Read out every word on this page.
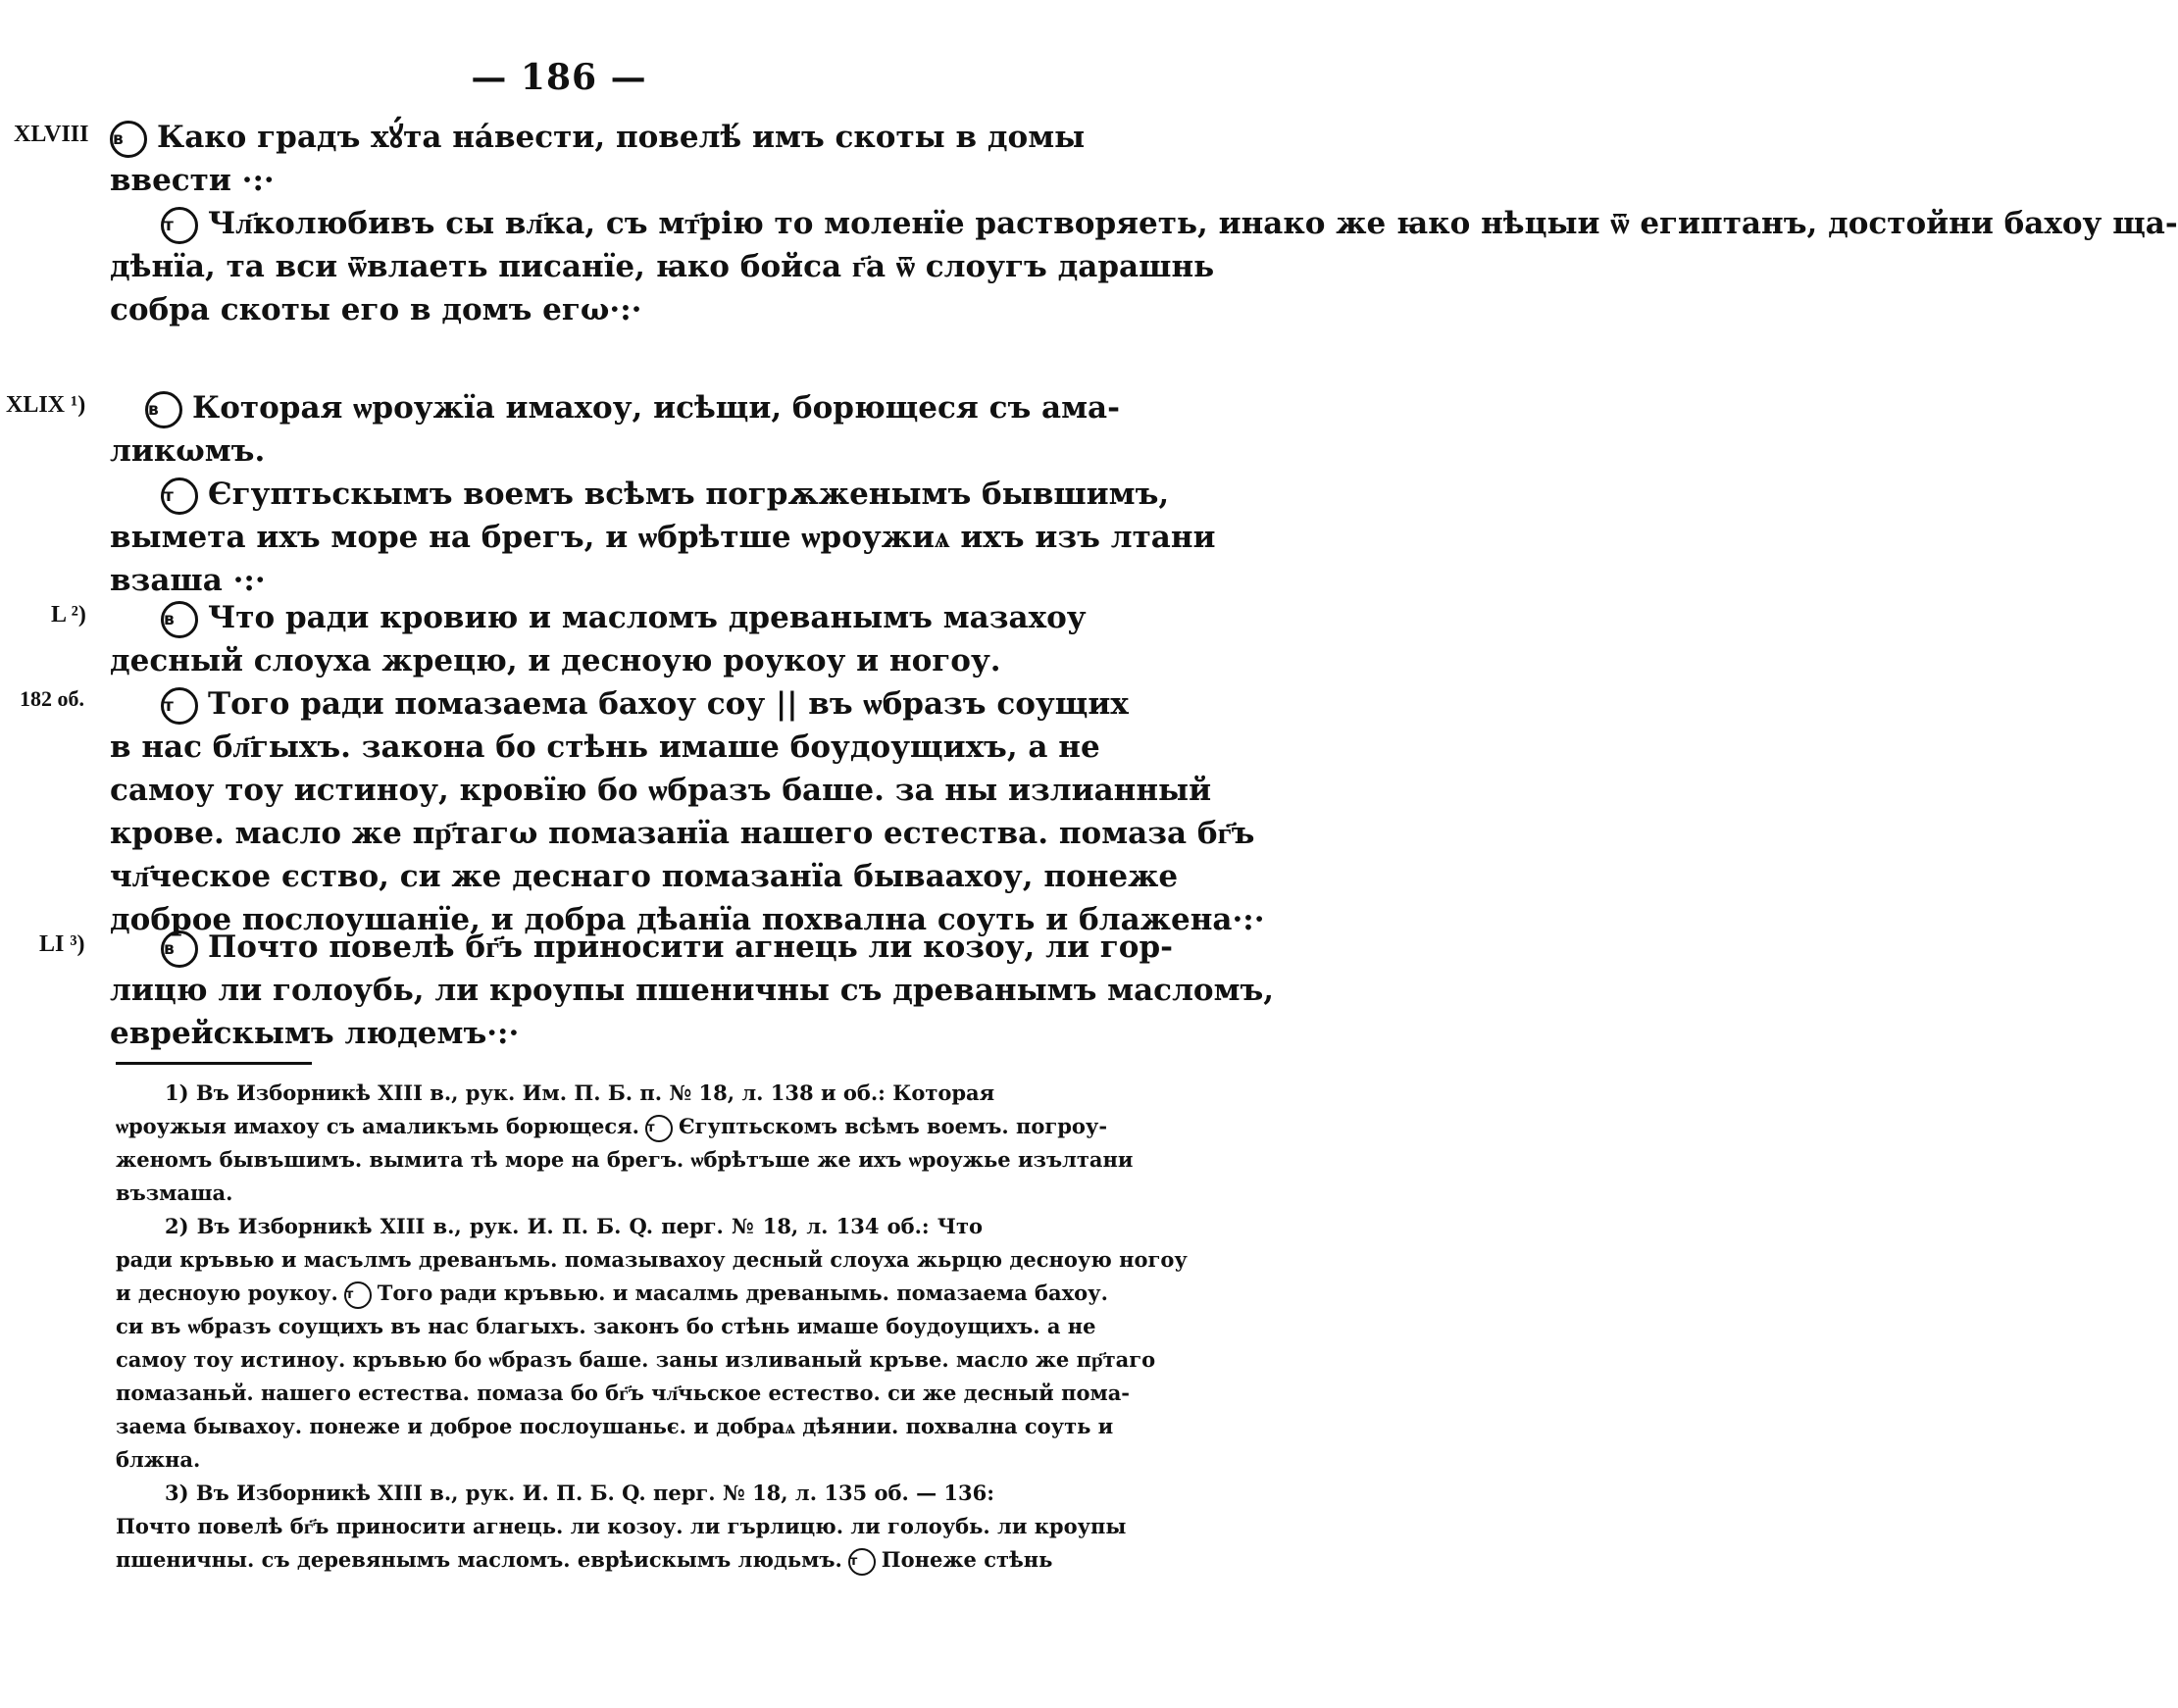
— 186 —
XLVIII в Како градъ хꙋ́та нáвести, повелѣ́ имъ скоты в домы
ввести ·:·
т Чл҃колюбивъ сы вл҃ка, съ мт҃рію то моленїе растворяеть, инако же ꙗко нѣцыи ѿ египтанъ, достойни бахоу ща-
дѣнїа, та вси ѿвлаеть писанїе, ꙗко бойса г҃а ѿ слоугъ дарашнь
собра скоты его в домъ егω·:·
XLIX ¹)	в Которая ѡроужїа имахоу, исѣщи, борющеся съ ама-
ликωмъ.
т Єгуптьскымъ воемъ всѣмъ погрѫженымъ бывшимъ,
вымета ихъ море на брегъ, и ѡбрѣтше ѡроужиѧ ихъ изъ лтани
взаша ·:·
L ²)	в Что ради кровию и масломъ древанымъ мазахоу
десный слоуха жрецю, и десноую роукоу и ногоу.
т Того ради помазаема бахоу соу || въ ѡбразъ соущих
в нас бл҃гыхъ. закона бо стѣнь имаше боудоущихъ, а не
самоу тоу истиноу, кровїю бо ѡбразъ баше. за ны излианный
крове. масло же пр҃тагω помазанїа нашего естества. помаза бг҃ъ
чл҃ческое єство, си же деснаго помазанїа бываахоу, понеже
доброе послоушанїе, и добра дѣанїа похвална соуть и блажена·:·
182 об.
LI ³)	в Почто повелѣ бг҃ъ приносити агнець ли козоу, ли гор-
лицю ли голоубь, ли кроупы пшеничны съ древанымъ масломъ,
еврейскымъ людемъ·:·
1) Въ Изборникѣ XIII в., рук. Им. П. Б. п. № 18, л. 138 и об.: Которая
ѡроужыя имахоу съ амаликъмь борющеся. т Єгуптьскомъ всѣмъ воемъ. погроу-
женомъ бывъшимъ. вымита тѣ море на брегъ. ѡбрѣтъше же ихъ ѡроужье изълтани
възмаша.
2) Въ Изборникѣ XIII в., рук. И. П. Б. Q. перг. № 18, л. 134 об.: Что
ради кръвью и масълмъ древанъмь. помазывахоу десный слоуха жьрцю десноую ногоу
и десноую роукоу. т Того ради кръвью. и масалмь древанымь. помазаема бахоу.
си въ ѡбразъ соущихъ въ нас благыхъ. законъ бо стѣнь имаше боудоущихъ. а не
самоу тоу истиноу. кръвью бо ѡбразъ баше. заны изливаный кръве. масло же пр҃таго
помазаньй. нашего естества. помаза бо бг҃ъ чл҃чьское естество. си же десный пома-
заема бывахоу. понеже и доброе послоушаньє. и добраѧ дѣянии. похвална соуть и
блжна.
3) Въ Изборникѣ XIII в., рук. И. П. Б. Q. перг. № 18, л. 135 об. — 136:
Почто повелѣ бг҃ъ приносити агнець. ли козоу. ли гърлицю. ли голоубь. ли кроупы
пшеничны. съ деревянымъ масломъ. еврѣискымъ людьмъ. т Понеже стѣнь
